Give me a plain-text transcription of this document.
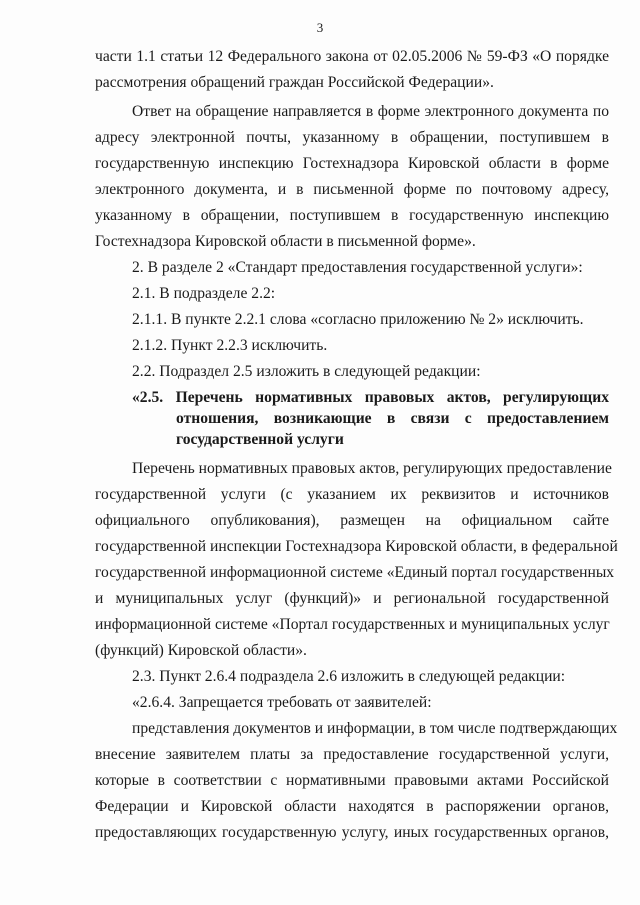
3
части 1.1 статьи 12 Федерального закона от 02.05.2006 № 59-ФЗ «О порядке
рассмотрения обращений граждан Российской Федерации».
Ответ на обращение направляется в форме электронного документа по
адресу электронной почты, указанному в обращении, поступившем в
государственную инспекцию Гостехнадзора Кировской области в форме
электронного документа, и в письменной форме по почтовому адресу,
указанному в обращении, поступившем в государственную инспекцию
Гостехнадзора Кировской области в письменной форме».
2. В разделе 2 «Стандарт предоставления государственной услуги»:
2.1. В подразделе 2.2:
2.1.1. В пункте 2.2.1 слова «согласно приложению № 2» исключить.
2.1.2. Пункт 2.2.3 исключить.
2.2. Подраздел 2.5 изложить в следующей редакции:
«2.5. Перечень нормативных правовых актов, регулирующих
отношения, возникающие в связи с предоставлением
государственной услуги
Перечень нормативных правовых актов, регулирующих предоставление
государственной услуги (с указанием их реквизитов и источников
официального опубликования), размещен на официальном сайте
государственной инспекции Гостехнадзора Кировской области, в федеральной
государственной информационной системе «Единый портал государственных
и муниципальных услуг (функций)» и региональной государственной
информационной системе «Портал государственных и муниципальных услуг
(функций) Кировской области».
2.3. Пункт 2.6.4 подраздела 2.6 изложить в следующей редакции:
«2.6.4. Запрещается требовать от заявителей:
представления документов и информации, в том числе подтверждающих
внесение заявителем платы за предоставление государственной услуги,
которые в соответствии с нормативными правовыми актами Российской
Федерации и Кировской области находятся в распоряжении органов,
предоставляющих государственную услугу, иных государственных органов,
